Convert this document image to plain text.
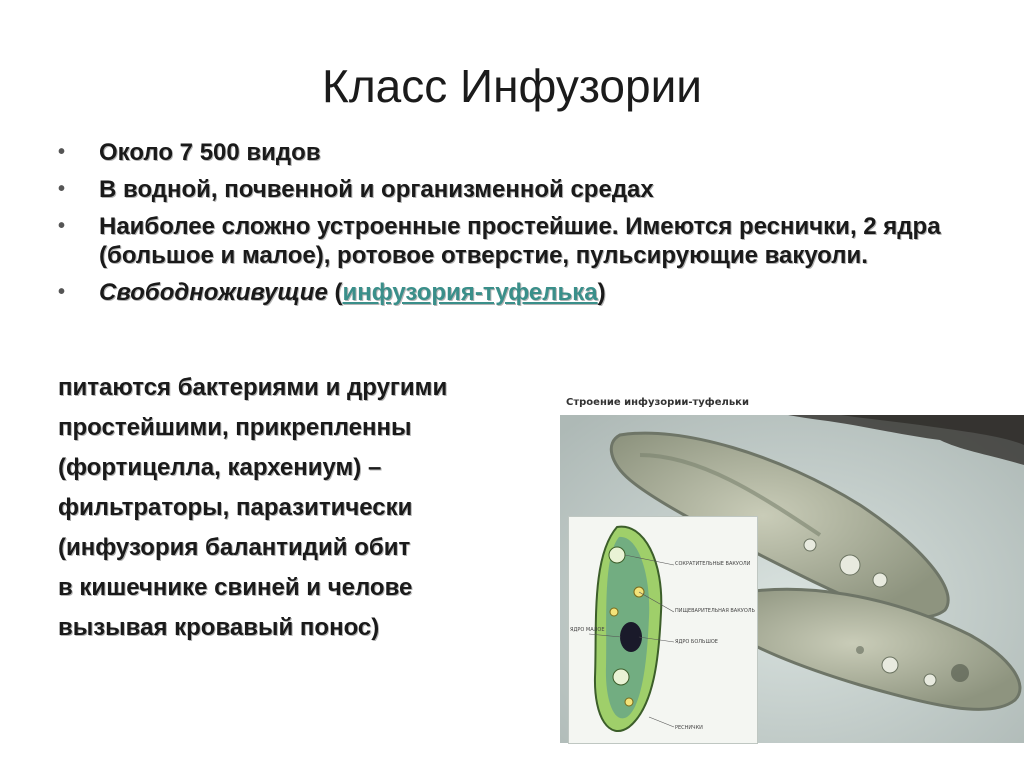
Класс Инфузории
• Около 7 500 видов
• В водной, почвенной и организменной средах
• Наиболее сложно устроенные простейшие. Имеются реснички, 2 ядра (большое и малое), ротовое отверстие, пульсирующие вакуоли.
• Свободноживущие (инфузория-туфелька)

питаются бактериями и другими
простейшими, прикрепленны
(фортицелла, кархениум) –
фильтраторы, паразитически
(инфузория балантидий обит
в кишечнике свиней и челове
вызывая кровавый понос)

Строение инфузории-туфельки
СОКРАТИТЕЛЬНЫЕ ВАКУОЛИ
ПИЩЕВАРИТЕЛЬНАЯ ВАКУОЛЬ
ЯДРО БОЛЬШОЕ
ЯДРО МАЛОЕ
РЕСНИЧКИ
